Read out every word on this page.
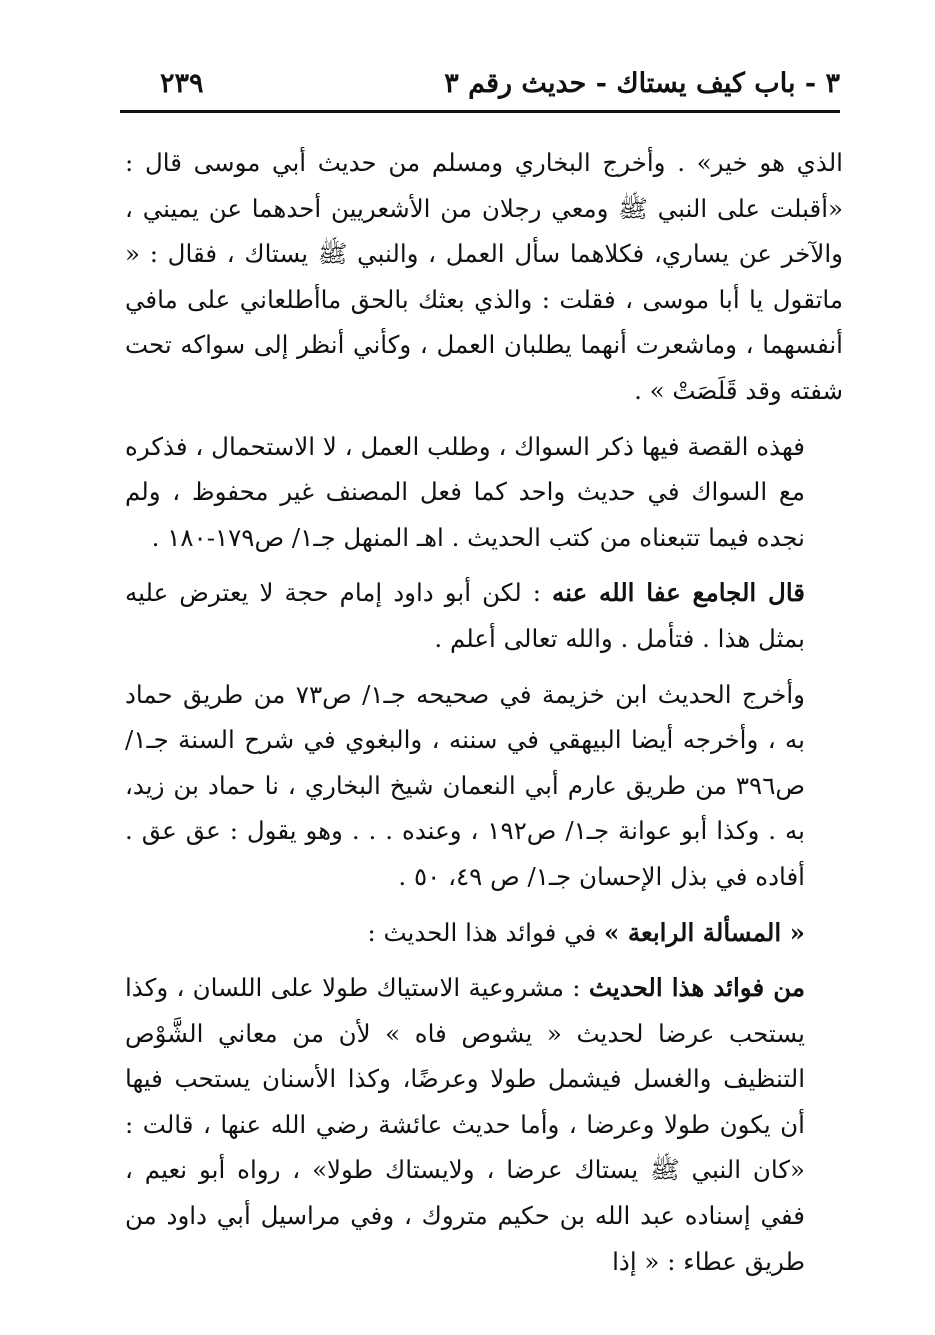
٣ - باب كيف يستاك - حديث رقم ٣
٢٣٩

الذي هو خير» . وأخرج البخاري ومسلم من حديث أبي موسى قال : «أقبلت على النبي ﷺ ومعي رجلان من الأشعريين أحدهما عن يميني ، والآخر عن يساري، فكلاهما سأل العمل ، والنبي ﷺ يستاك ، فقال : « ماتقول يا أبا موسى ، فقلت : والذي بعثك بالحق ماأطلعاني على مافي أنفسهما ، وماشعرت أنهما يطلبان العمل ، وكأني أنظر إلى سواكه تحت شفته وقد قَلَصَتْ » .

فهذه القصة فيها ذكر السواك ، وطلب العمل ، لا الاستحمال ، فذكره مع السواك في حديث واحد كما فعل المصنف غير محفوظ ، ولم نجده فيما تتبعناه من كتب الحديث . اهـ المنهل جـ١/ ص١٧٩-١٨٠ .

قال الجامع عفا الله عنه : لكن أبو داود إمام حجة لا يعترض عليه بمثل هذا . فتأمل . والله تعالى أعلم .

وأخرج الحديث ابن خزيمة في صحيحه جـ١/ ص٧٣ من طريق حماد به ، وأخرجه أيضا البيهقي في سننه ، والبغوي في شرح السنة جـ١/ ص٣٩٦ من طريق عارم أبي النعمان شيخ البخاري ، نا حماد بن زيد، به . وكذا أبو عوانة جـ١/ ص١٩٢ ، وعنده . . . وهو يقول : عق عق . أفاده في بذل الإحسان جـ١/ ص ٤٩، ٥٠ .

« المسألة الرابعة » في فوائد هذا الحديث :

من فوائد هذا الحديث : مشروعية الاستياك طولا على اللسان ، وكذا يستحب عرضا لحديث « يشوص فاه » لأن من معاني الشَّوْص التنظيف والغسل فيشمل طولا وعرضًا، وكذا الأسنان يستحب فيها أن يكون طولا وعرضا ، وأما حديث عائشة رضي الله عنها ، قالت : «كان النبي ﷺ يستاك عرضا ، ولايستاك طولا» ، رواه أبو نعيم ، ففي إسناده عبد الله بن حكيم متروك ، وفي مراسيل أبي داود من طريق عطاء : « إذا
